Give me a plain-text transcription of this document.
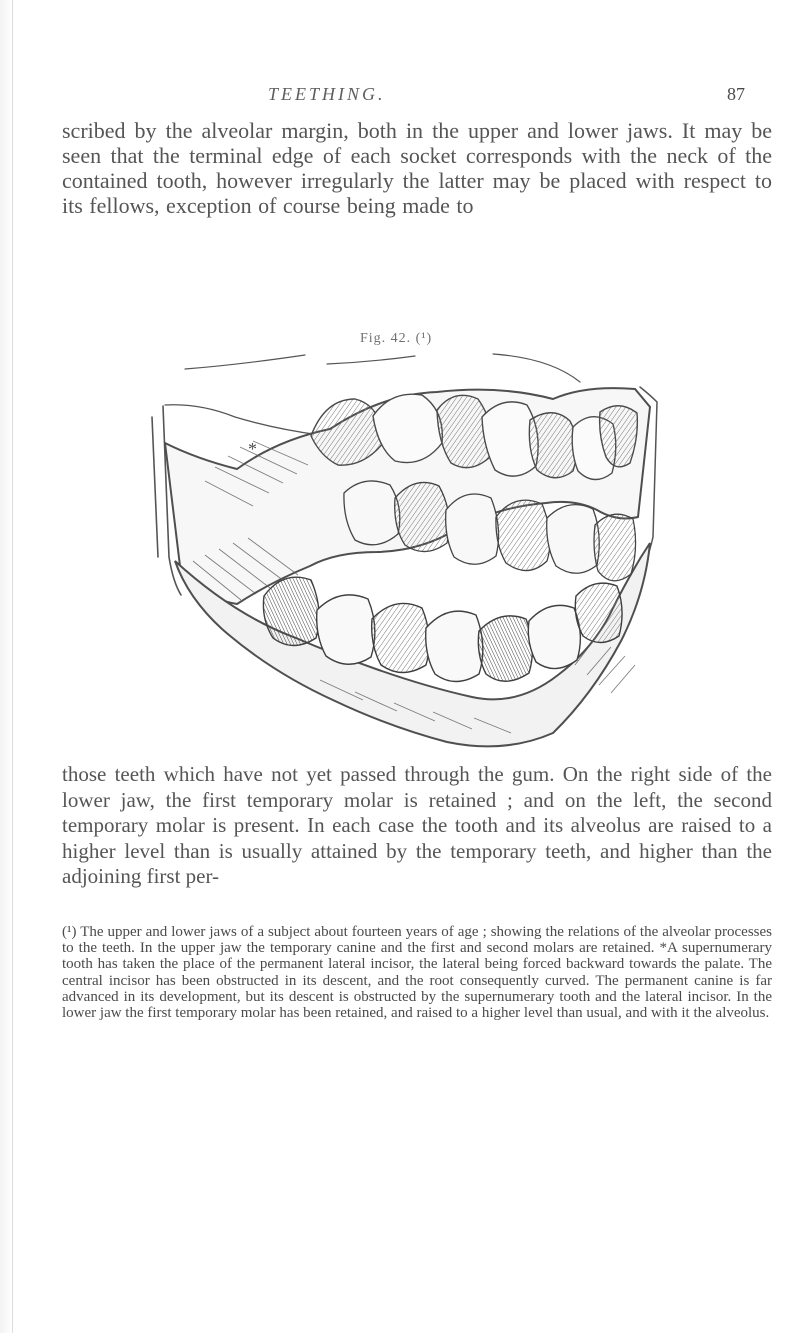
TEETHING.	87

scribed by the alveolar margin, both in the upper and lower jaws. It may be seen that the terminal edge of each socket corresponds with the neck of the contained tooth, however irregularly the latter may be placed with respect to its fellows, exception of course being made to

Fig. 42. (¹)
*

those teeth which have not yet passed through the gum. On the right side of the lower jaw, the first temporary molar is retained ; and on the left, the second temporary molar is present. In each case the tooth and its alveolus are raised to a higher level than is usually attained by the temporary teeth, and higher than the adjoining first per-

(¹) The upper and lower jaws of a subject about fourteen years of age ; showing the relations of the alveolar processes to the teeth. In the upper jaw the temporary canine and the first and second molars are retained. *A supernumerary tooth has taken the place of the permanent lateral incisor, the lateral being forced backward towards the palate. The central incisor has been obstructed in its descent, and the root consequently curved. The permanent canine is far advanced in its development, but its descent is obstructed by the supernumerary tooth and the lateral incisor. In the lower jaw the first temporary molar has been retained, and raised to a higher level than usual, and with it the alveolus.
